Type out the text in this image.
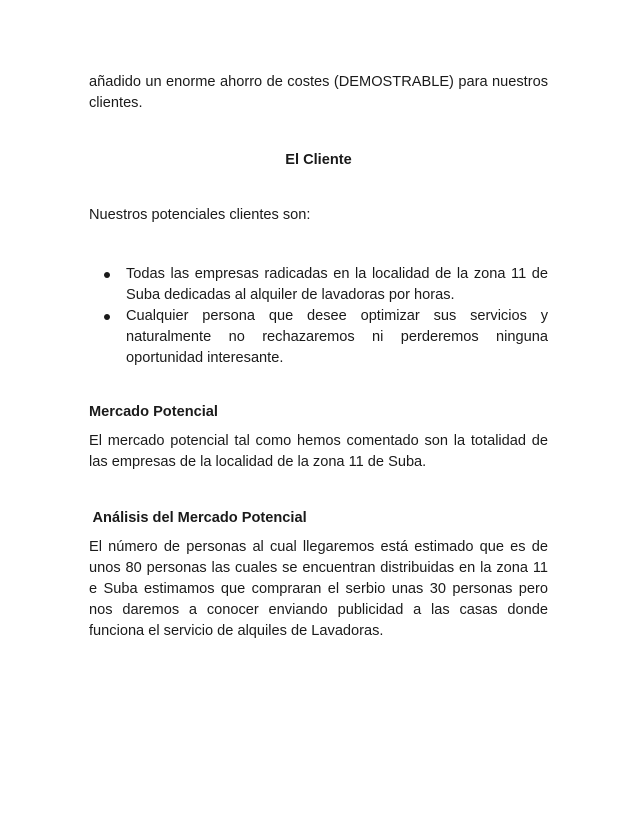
añadido un enorme ahorro de costes (DEMOSTRABLE) para nuestros
clientes.
El Cliente
Nuestros potenciales clientes son:
Todas las empresas radicadas en la localidad de la zona 11 de
Suba dedicadas al alquiler de lavadoras por horas.
Cualquier persona que desee optimizar sus servicios y
naturalmente no rechazaremos ni perderemos ninguna
oportunidad interesante.
Mercado Potencial
El mercado potencial tal como hemos comentado son la totalidad de
las empresas de la localidad de la zona 11 de Suba.
Análisis del Mercado Potencial
El número de personas al cual llegaremos está estimado que es de
unos 80 personas las cuales se encuentran distribuidas en la zona 11
e Suba estimamos que compraran el serbio unas 30 personas pero
nos daremos a conocer enviando publicidad a las casas donde
funciona el servicio de alquiles de Lavadoras.
